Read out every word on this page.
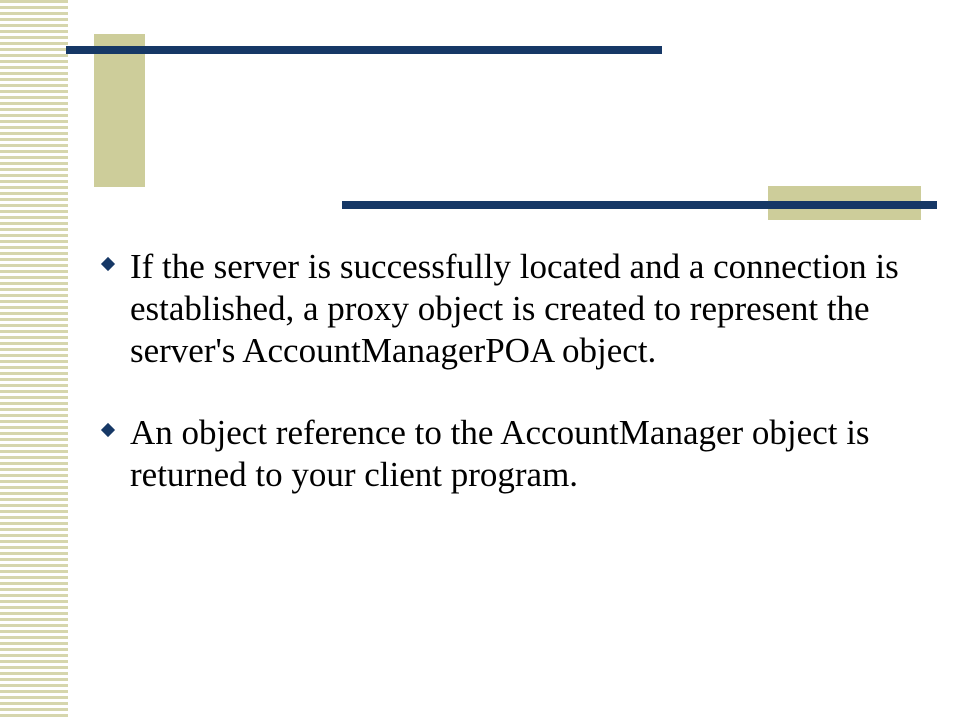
If the server is successfully located and a connection is established, a proxy object is created to represent the server's AccountManagerPOA object.
An object reference to the AccountManager object is returned to your client program.
